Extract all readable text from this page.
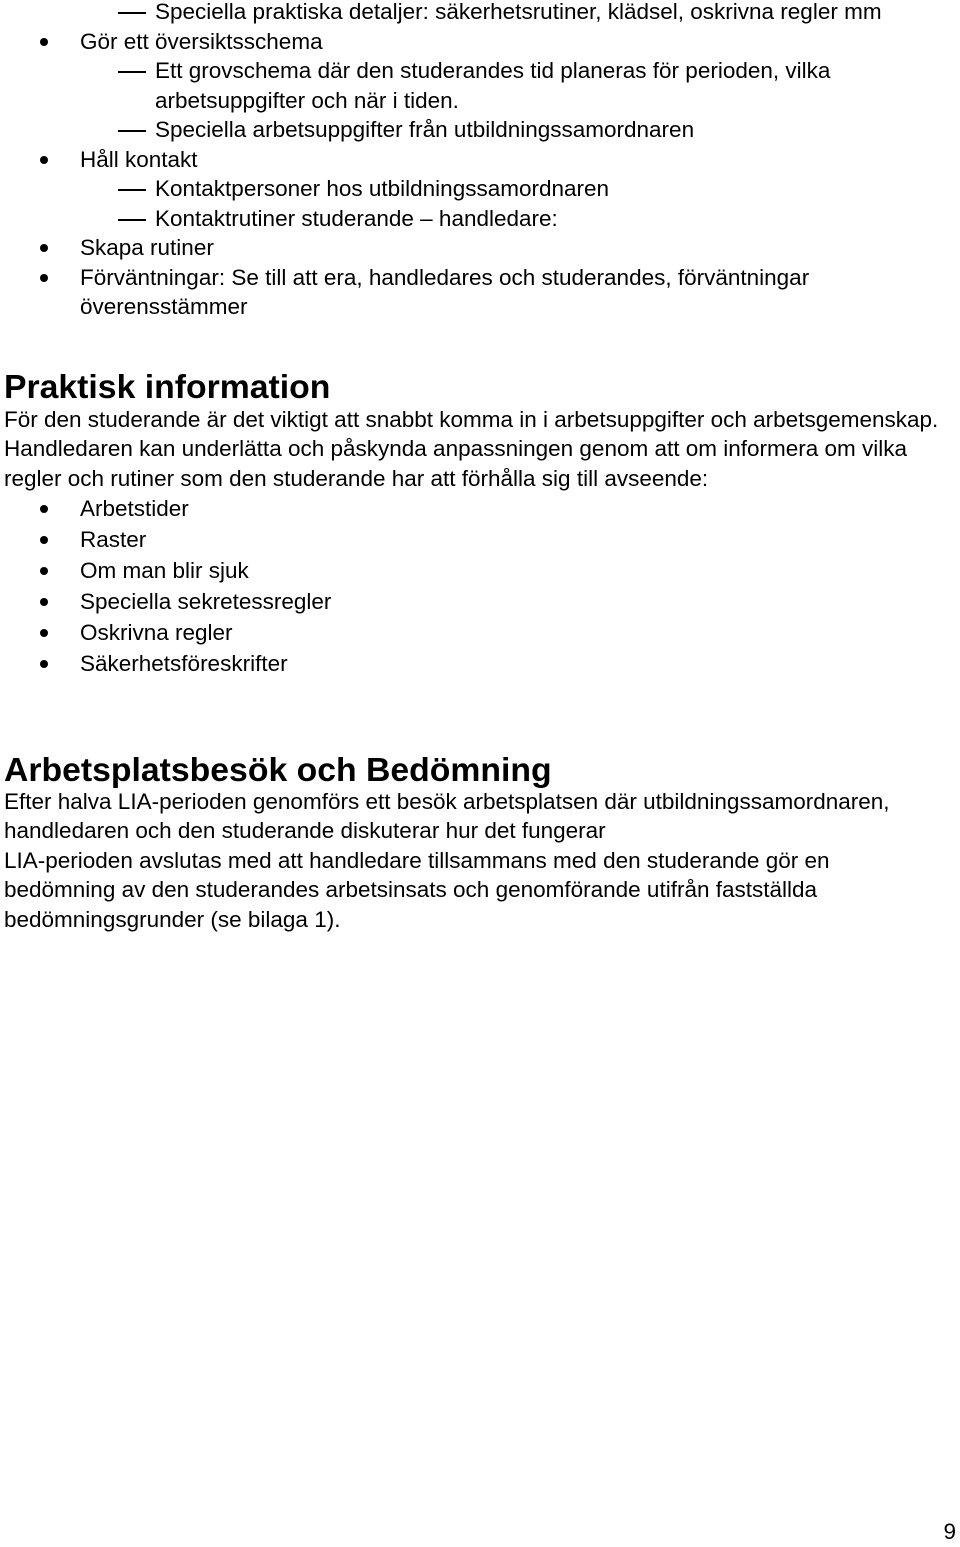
Speciella praktiska detaljer: säkerhetsrutiner, klädsel, oskrivna regler mm
Gör ett översiktsschema
Ett grovschema där den studerandes tid planeras för perioden, vilka arbetsuppgifter och när i tiden.
Speciella arbetsuppgifter från utbildningssamordnaren
Håll kontakt
Kontaktpersoner hos utbildningssamordnaren
Kontaktrutiner studerande – handledare:
Skapa rutiner
Förväntningar: Se till att era, handledares och studerandes, förväntningar överensstämmer
Praktisk information

För den studerande är det viktigt att snabbt komma in i arbetsuppgifter och arbetsgemenskap. Handledaren kan underlätta och påskynda anpassningen genom att om informera om vilka regler och rutiner som den studerande har att förhålla sig till avseende:

Arbetstider
Raster
Om man blir sjuk
Speciella sekretessregler
Oskrivna regler
Säkerhetsföreskrifter
Arbetsplatsbesök och Bedömning

Efter halva LIA-perioden genomförs ett besök arbetsplatsen där utbildningssamordnaren, handledaren och den studerande diskuterar hur det fungerar

LIA-perioden avslutas med att handledare tillsammans med den studerande gör en bedömning av den studerandes arbetsinsats och genomförande utifrån fastställda bedömningsgrunder (se bilaga 1).

9
